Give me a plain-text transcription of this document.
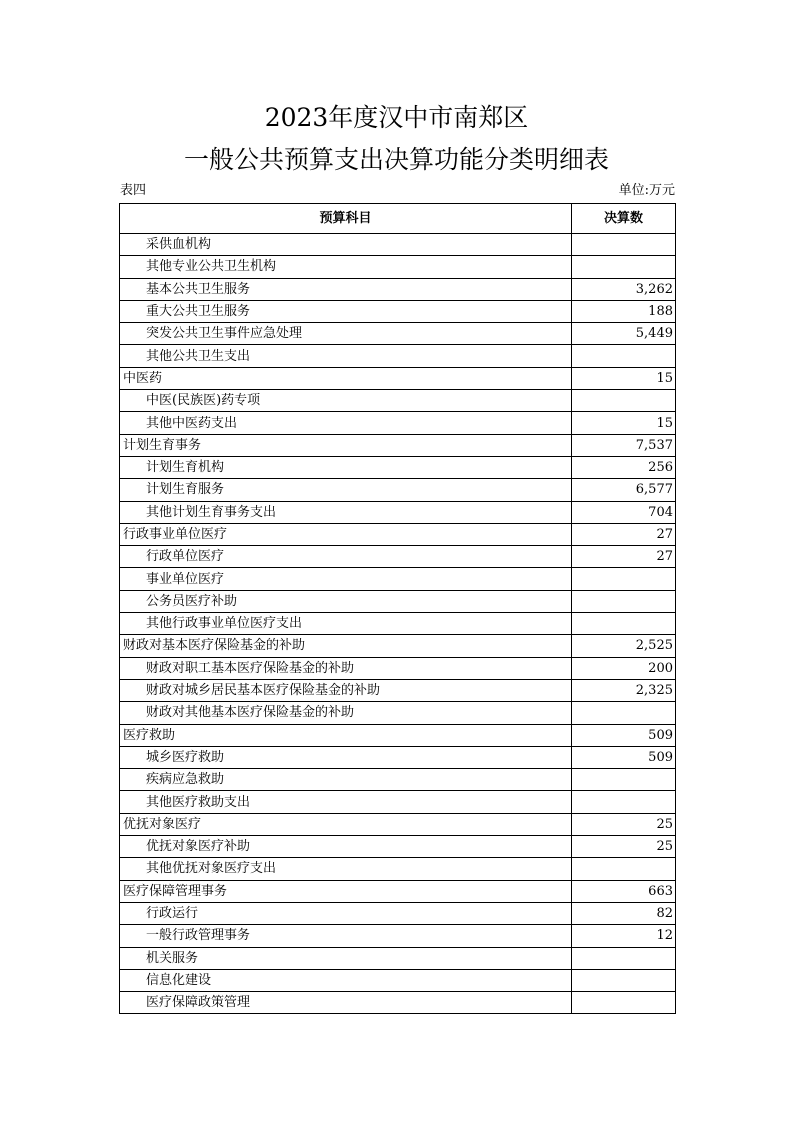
2023年度汉中市南郑区
一般公共预算支出决算功能分类明细表
表四	单位:万元
预算科目	决算数
采供血机构	
其他专业公共卫生机构	
基本公共卫生服务	3,262
重大公共卫生服务	188
突发公共卫生事件应急处理	5,449
其他公共卫生支出	
中医药	15
中医(民族医)药专项	
其他中医药支出	15
计划生育事务	7,537
计划生育机构	256
计划生育服务	6,577
其他计划生育事务支出	704
行政事业单位医疗	27
行政单位医疗	27
事业单位医疗	
公务员医疗补助	
其他行政事业单位医疗支出	
财政对基本医疗保险基金的补助	2,525
财政对职工基本医疗保险基金的补助	200
财政对城乡居民基本医疗保险基金的补助	2,325
财政对其他基本医疗保险基金的补助	
医疗救助	509
城乡医疗救助	509
疾病应急救助	
其他医疗救助支出	
优抚对象医疗	25
优抚对象医疗补助	25
其他优抚对象医疗支出	
医疗保障管理事务	663
行政运行	82
一般行政管理事务	12
机关服务	
信息化建设	
医疗保障政策管理	
